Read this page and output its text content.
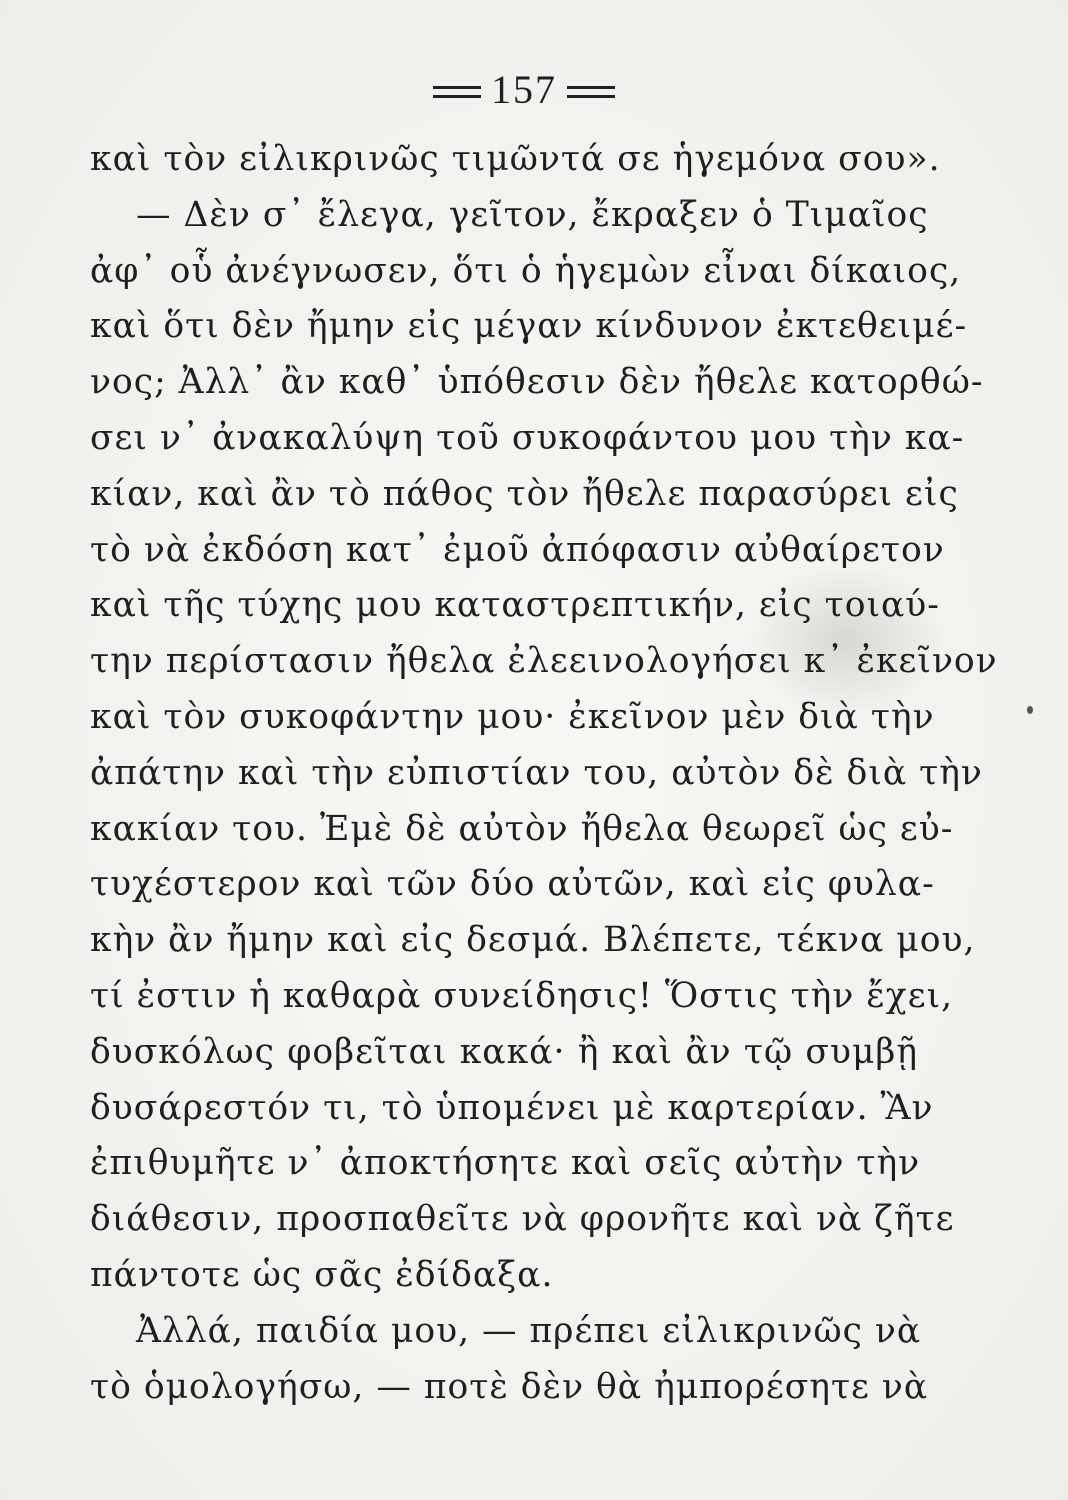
157
καὶ τὸν εἰλικρινῶς τιμῶντά σε ἡγεμόνα σου».
— Δὲν σ᾽ ἔλεγα, γεῖτον, ἔκραξεν ὁ Τιμαῖος
ἀφ᾽ οὗ ἀνέγνωσεν, ὅτι ὁ ἡγεμὼν εἶναι δίκαιος,
καὶ ὅτι δὲν ἤμην εἰς μέγαν κίνδυνον ἐκτεθειμέ-
νος; Ἀλλ᾽ ἂν καθ᾽ ὑπόθεσιν δὲν ἤθελε κατορθώ-
σει ν᾽ ἀνακαλύψη τοῦ συκοφάντου μου τὴν κα-
κίαν, καὶ ἂν τὸ πάθος τὸν ἤθελε παρασύρει εἰς
τὸ νὰ ἐκδόση κατ᾽ ἐμοῦ ἀπόφασιν αὐθαίρετον
καὶ τῆς τύχης μου καταστρεπτικήν, εἰς τοιαύ-
την περίστασιν ἤθελα ἐλεεινολογήσει κ᾽ ἐκεῖνον
καὶ τὸν συκοφάντην μου· ἐκεῖνον μὲν διὰ τὴν
ἀπάτην καὶ τὴν εὐπιστίαν του, αὐτὸν δὲ διὰ τὴν
κακίαν του. Ἐμὲ δὲ αὐτὸν ἤθελα θεωρεῖ ὡς εὐ-
τυχέστερον καὶ τῶν δύο αὐτῶν, καὶ εἰς φυλα-
κὴν ἂν ἤμην καὶ εἰς δεσμά. Βλέπετε, τέκνα μου,
τί ἐστιν ἡ καθαρὰ συνείδησις! Ὅστις τὴν ἔχει,
δυσκόλως φοβεῖται κακά· ἢ καὶ ἂν τῷ συμβῇ
δυσάρεστόν τι, τὸ ὑπομένει μὲ καρτερίαν. Ἂν
ἐπιθυμῆτε ν᾽ ἀποκτήσητε καὶ σεῖς αὐτὴν τὴν
διάθεσιν, προσπαθεῖτε νὰ φρονῆτε καὶ νὰ ζῆτε
πάντοτε ὡς σᾶς ἐδίδαξα.
Ἀλλά, παιδία μου, — πρέπει εἰλικρινῶς νὰ
τὸ ὁμολογήσω, — ποτὲ δὲν θὰ ἠμπορέσητε νὰ
